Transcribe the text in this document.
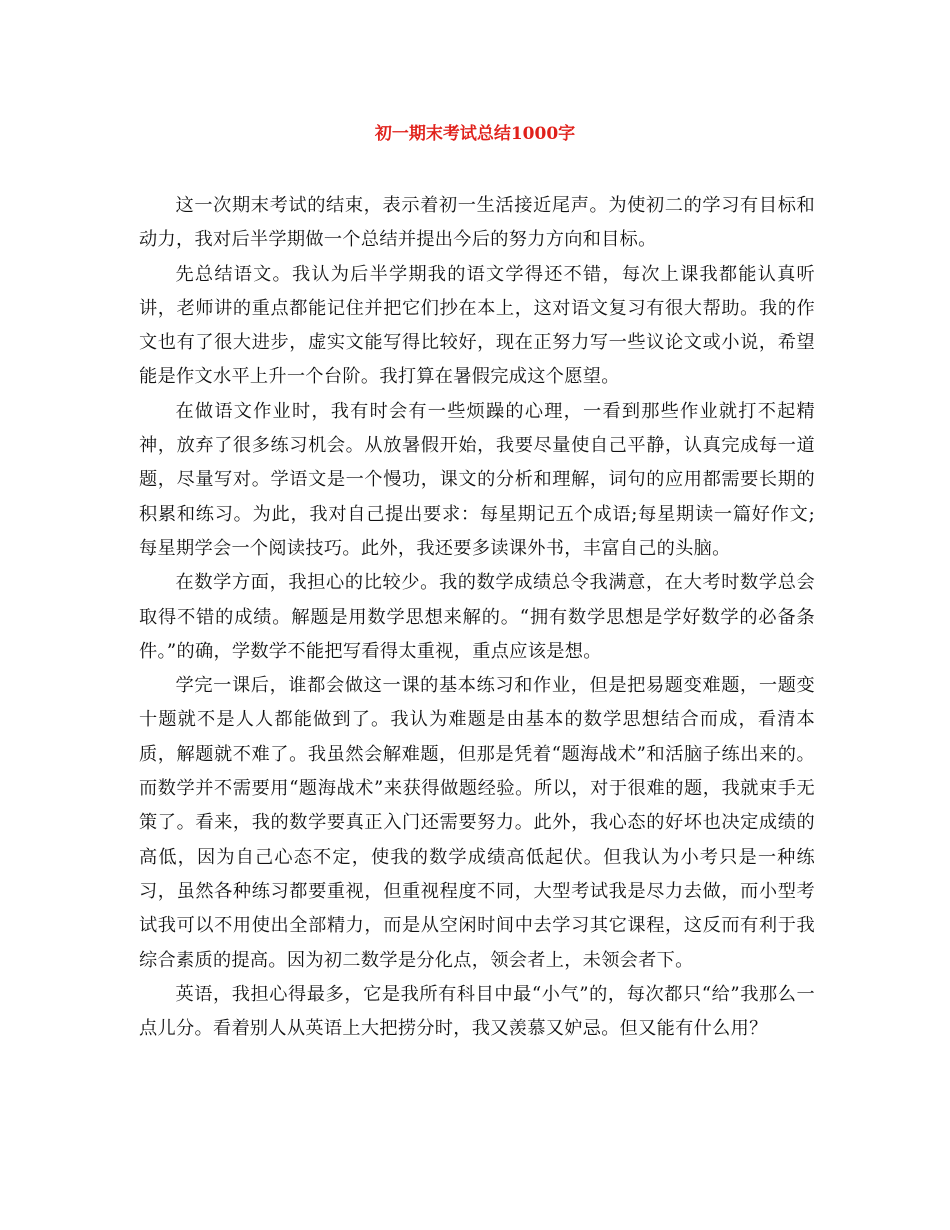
初一期末考试总结1000字

这一次期末考试的结束，表示着初一生活接近尾声。为使初二的学习有目标和动力，我对后半学期做一个总结并提出今后的努力方向和目标。

先总结语文。我认为后半学期我的语文学得还不错，每次上课我都能认真听讲，老师讲的重点都能记住并把它们抄在本上，这对语文复习有很大帮助。我的作文也有了很大进步，虚实文能写得比较好，现在正努力写一些议论文或小说，希望能是作文水平上升一个台阶。我打算在暑假完成这个愿望。

在做语文作业时，我有时会有一些烦躁的心理，一看到那些作业就打不起精神，放弃了很多练习机会。从放暑假开始，我要尽量使自己平静，认真完成每一道题，尽量写对。学语文是一个慢功，课文的分析和理解，词句的应用都需要长期的积累和练习。为此，我对自己提出要求：每星期记五个成语;每星期读一篇好作文;每星期学会一个阅读技巧。此外，我还要多读课外书，丰富自己的头脑。

在数学方面，我担心的比较少。我的数学成绩总令我满意，在大考时数学总会取得不错的成绩。解题是用数学思想来解的。“拥有数学思想是学好数学的必备条件。”的确，学数学不能把写看得太重视，重点应该是想。

学完一课后，谁都会做这一课的基本练习和作业，但是把易题变难题，一题变十题就不是人人都能做到了。我认为难题是由基本的数学思想结合而成，看清本质，解题就不难了。我虽然会解难题，但那是凭着“题海战术”和活脑子练出来的。而数学并不需要用“题海战术”来获得做题经验。所以，对于很难的题，我就束手无策了。看来，我的数学要真正入门还需要努力。此外，我心态的好坏也决定成绩的高低，因为自己心态不定，使我的数学成绩高低起伏。但我认为小考只是一种练习，虽然各种练习都要重视，但重视程度不同，大型考试我是尽力去做，而小型考试我可以不用使出全部精力，而是从空闲时间中去学习其它课程，这反而有利于我综合素质的提高。因为初二数学是分化点，领会者上，未领会者下。

英语，我担心得最多，它是我所有科目中最“小气”的，每次都只“给”我那么一点儿分。看着别人从英语上大把捞分时，我又羡慕又妒忌。但又能有什么用？
